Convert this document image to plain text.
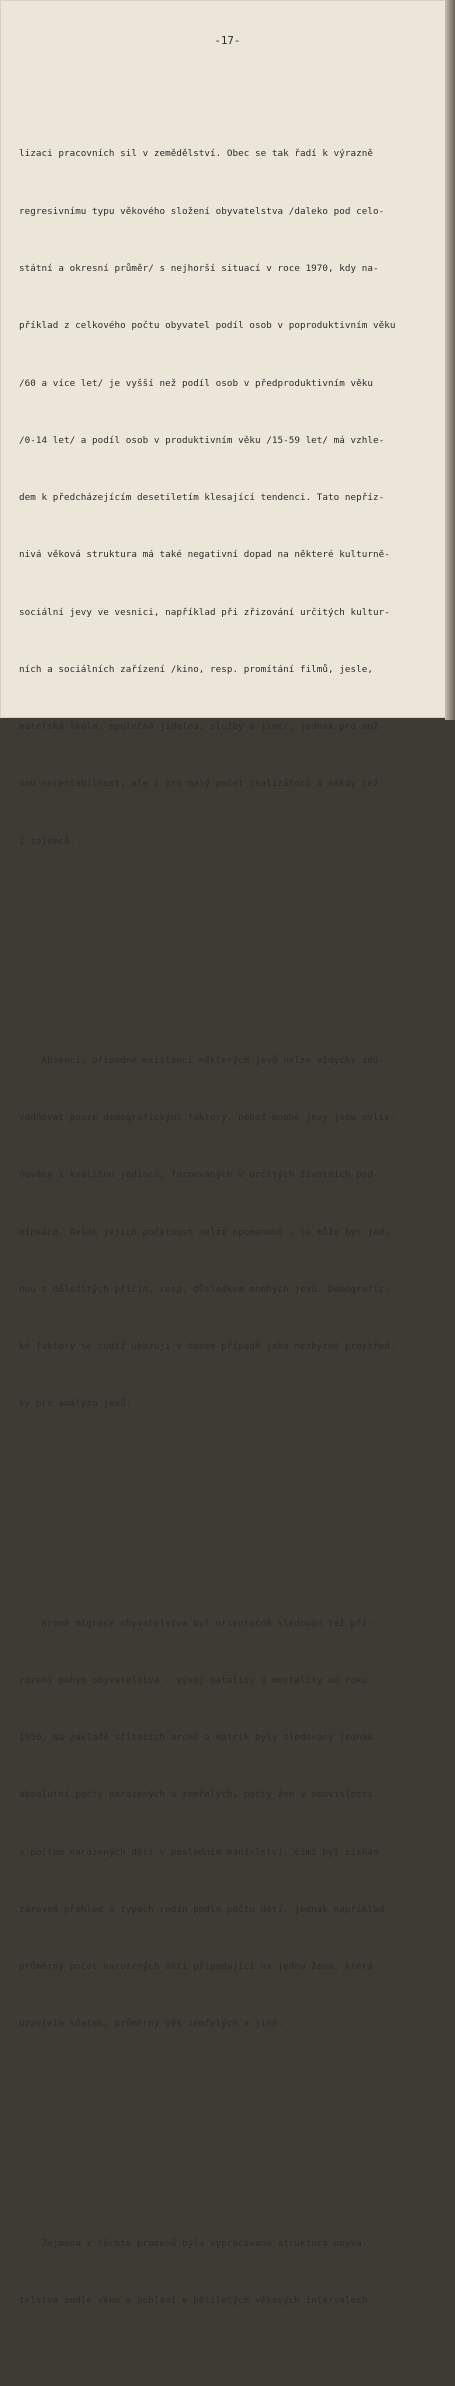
-17-

lizaci pracovních sil v zemědělství. Obec se tak řadí k výrazně

regresivnímu typu věkového složení obyvatelstva /daleko pod celo-

státní a okresní průměr/ s nejhorší situací v roce 1970, kdy na-

příklad z celkového počtu obyvatel podíl osob v poproduktivním věku

/60 a více let/ je vyšší než podíl osob v předproduktivním věku

/0-14 let/ a podíl osob v produktivním věku /15-59 let/ má vzhle-

dem k předcházejícím desetiletím klesající tendenci. Tato nepříz-

nivá věková struktura má také negativní dopad na některé kulturně-

sociální jevy ve vesnici, například při zřizování určitých kultur-

ních a sociálních zařízení /kino, resp. promítání filmů, jesle,

mateřská škola, společná jídelna, služby a jiné/, jednak pro mož-

nou nerentabilnost, ale i pro malý počet realizátorů a někdy též

i zájemců.

Absenci, případně existenci některých jevů nelze vždycky zdů-

vodňovat pouze demografickými faktory, neboť mnohé jevy jsou ovliv-

ňovány i kvalitou jedinců, formovaných v určitých životních pod-

mínkách. Avšak jejich početnost nelze opomenout - ta může být jed-

nou z důležitých příčin, resp. důsledkem mnohých jevů. Demografic-

ké faktory se tudíž ukazují v daném případě jako nezbytné prostřed-

ky pro analýzu jevů.

Kromě migrace obyvatelstva byl orientačně sledován též při-

rozený pohyb obyvatelstva - vývoj natality a mortality od roku

1950. Na základě sčítacích archů a matrik byly sledovány jednak

absolutní počty narozených a zemřelých, počty žen v souvislosti

s počtem narozených dětí v posledním manželství, čímž byl získán

zároveň přehled o typech rodin podle počtu dětí, jednak například

průměrný počet narozených dětí připadající na jednu ženu, která

uzavřela sňatek, průměrný věk zemřelých a jiné.

Zejména z těchto pramenů byla vypracována struktura obyva-

telstva podle věku a pohlaví v pětiletých věkových intervalech.
